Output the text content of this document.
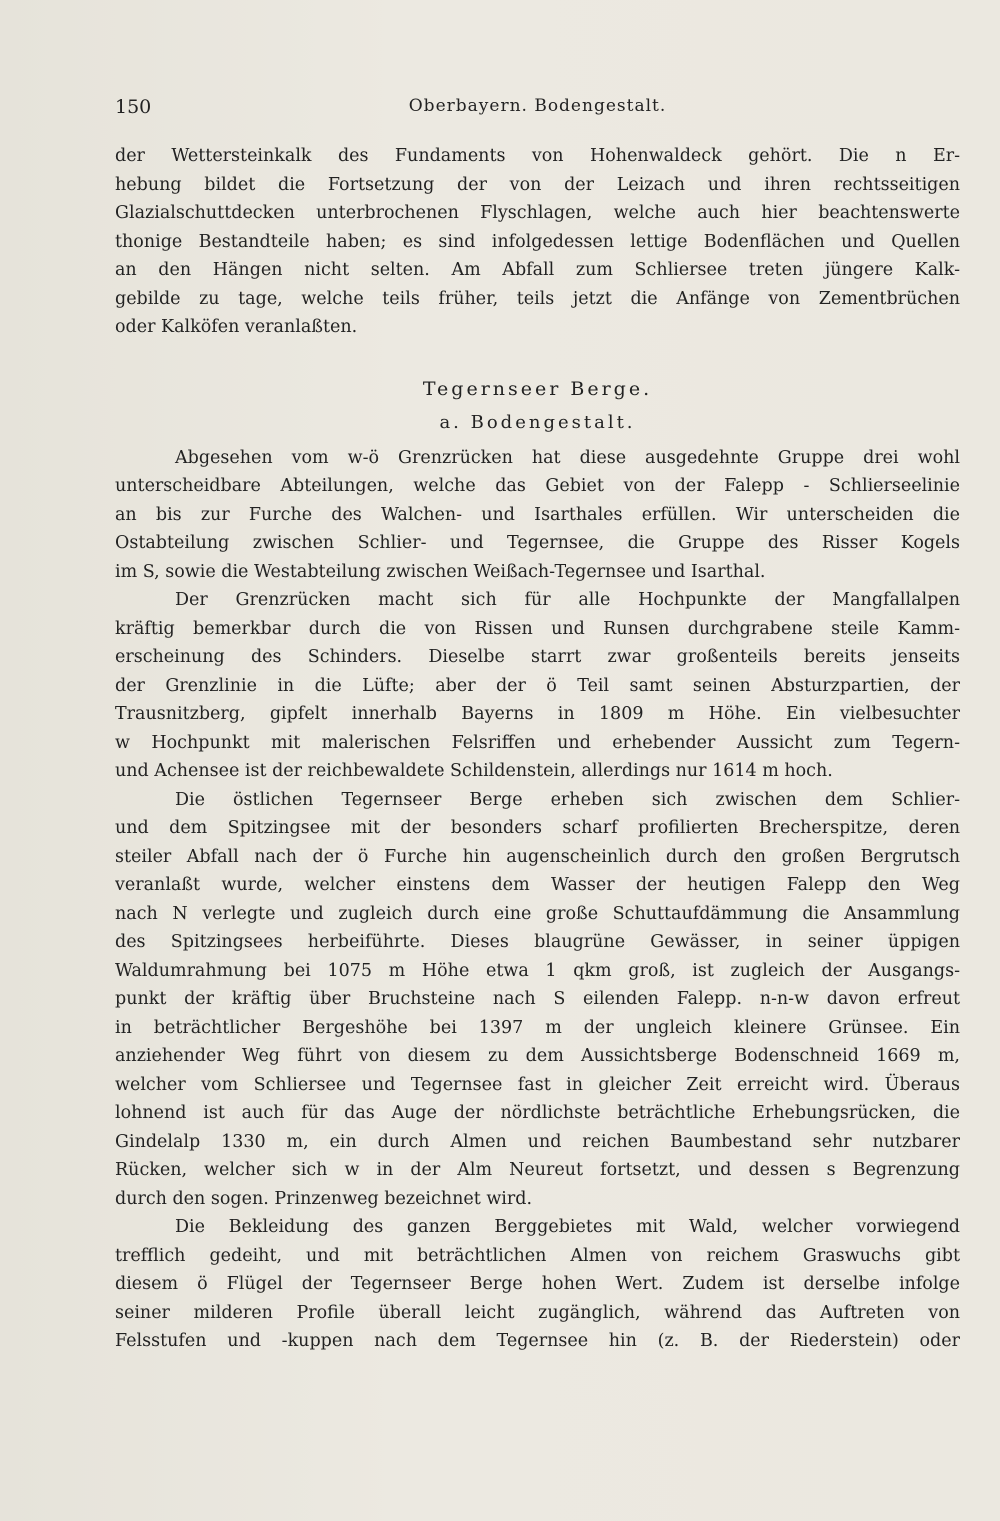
150	Oberbayern. Bodengestalt.
der Wettersteinkalk des Fundaments von Hohenwaldeck gehört. Die n Er-
hebung bildet die Fortsetzung der von der Leizach und ihren rechtsseitigen
Glazialschuttdecken unterbrochenen Flyschlagen, welche auch hier beachtenswerte
thonige Bestandteile haben; es sind infolgedessen lettige Bodenflächen und Quellen
an den Hängen nicht selten. Am Abfall zum Schliersee treten jüngere Kalk-
gebilde zu tage, welche teils früher, teils jetzt die Anfänge von Zementbrüchen
oder Kalköfen veranlaßten.
Tegernseer Berge.
a. Bodengestalt.
Abgesehen vom w-ö Grenzrücken hat diese ausgedehnte Gruppe drei wohl
unterscheidbare Abteilungen, welche das Gebiet von der Falepp - Schlierseelinie
an bis zur Furche des Walchen- und Isarthales erfüllen. Wir unterscheiden die
Ostabteilung zwischen Schlier- und Tegernsee, die Gruppe des Risser Kogels
im S, sowie die Westabteilung zwischen Weißach-Tegernsee und Isarthal.
Der Grenzrücken macht sich für alle Hochpunkte der Mangfallalpen
kräftig bemerkbar durch die von Rissen und Runsen durchgrabene steile Kamm-
erscheinung des Schinders. Dieselbe starrt zwar großenteils bereits jenseits
der Grenzlinie in die Lüfte; aber der ö Teil samt seinen Absturzpartien, der
Trausnitzberg, gipfelt innerhalb Bayerns in 1809 m Höhe. Ein vielbesuchter
w Hochpunkt mit malerischen Felsriffen und erhebender Aussicht zum Tegern-
und Achensee ist der reichbewaldete Schildenstein, allerdings nur 1614 m hoch.
Die östlichen Tegernseer Berge erheben sich zwischen dem Schlier-
und dem Spitzingsee mit der besonders scharf profilierten Brecherspitze, deren
steiler Abfall nach der ö Furche hin augenscheinlich durch den großen Bergrutsch
veranlaßt wurde, welcher einstens dem Wasser der heutigen Falepp den Weg
nach N verlegte und zugleich durch eine große Schuttaufdämmung die Ansammlung
des Spitzingsees herbeiführte. Dieses blaugrüne Gewässer, in seiner üppigen
Waldumrahmung bei 1075 m Höhe etwa 1 qkm groß, ist zugleich der Ausgangs-
punkt der kräftig über Bruchsteine nach S eilenden Falepp. n-n-w davon erfreut
in beträchtlicher Bergeshöhe bei 1397 m der ungleich kleinere Grünsee. Ein
anziehender Weg führt von diesem zu dem Aussichtsberge Bodenschneid 1669 m,
welcher vom Schliersee und Tegernsee fast in gleicher Zeit erreicht wird. Überaus
lohnend ist auch für das Auge der nördlichste beträchtliche Erhebungsrücken, die
Gindelalp 1330 m, ein durch Almen und reichen Baumbestand sehr nutzbarer
Rücken, welcher sich w in der Alm Neureut fortsetzt, und dessen s Begrenzung
durch den sogen. Prinzenweg bezeichnet wird.
Die Bekleidung des ganzen Berggebietes mit Wald, welcher vorwiegend
trefflich gedeiht, und mit beträchtlichen Almen von reichem Graswuchs gibt
diesem ö Flügel der Tegernseer Berge hohen Wert. Zudem ist derselbe infolge
seiner milderen Profile überall leicht zugänglich, während das Auftreten von
Felsstufen und -kuppen nach dem Tegernsee hin (z. B. der Riederstein) oder
